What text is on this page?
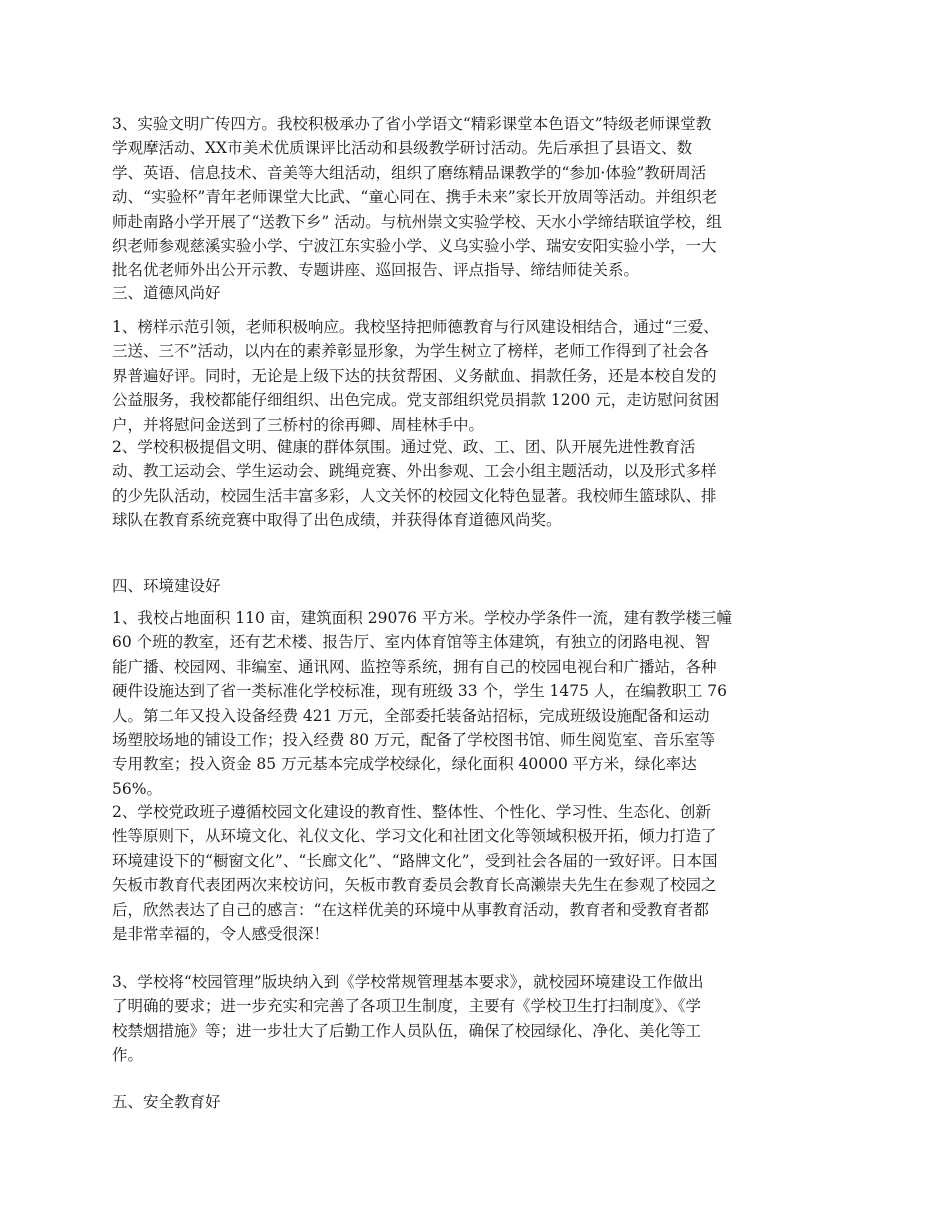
3、实验文明广传四方。我校积极承办了省小学语文“精彩课堂本色语文”特级老师课堂教
学观摩活动、XX市美术优质课评比活动和县级教学研讨活动。先后承担了县语文、数
学、英语、信息技术、音美等大组活动，组织了磨练精品课教学的“参加·体验”教研周活
动、“实验杯”青年老师课堂大比武、“童心同在、携手未来”家长开放周等活动。并组织老
师赴南路小学开展了“送教下乡” 活动。与杭州崇文实验学校、天水小学缔结联谊学校，组
织老师参观慈溪实验小学、宁波江东实验小学、义乌实验小学、瑞安安阳实验小学，一大
批名优老师外出公开示教、专题讲座、巡回报告、评点指导、缔结师徒关系。

三、道德风尚好

1、榜样示范引领，老师积极响应。我校坚持把师德教育与行风建设相结合，通过“三爱、
三送、三不”活动，以内在的素养彰显形象，为学生树立了榜样，老师工作得到了社会各
界普遍好评。同时，无论是上级下达的扶贫帮困、义务献血、捐款任务，还是本校自发的
公益服务，我校都能仔细组织、出色完成。党支部组织党员捐款 1200 元，走访慰问贫困
户，并将慰问金送到了三桥村的徐再卿、周桂林手中。

2、学校积极提倡文明、健康的群体氛围。通过党、政、工、团、队开展先进性教育活
动、教工运动会、学生运动会、跳绳竞赛、外出参观、工会小组主题活动，以及形式多样
的少先队活动，校园生活丰富多彩，人文关怀的校园文化特色显著。我校师生篮球队、排
球队在教育系统竞赛中取得了出色成绩，并获得体育道德风尚奖。

四、环境建设好

1、我校占地面积 110 亩，建筑面积 29076 平方米。学校办学条件一流，建有教学楼三幢
60 个班的教室，还有艺术楼、报告厅、室内体育馆等主体建筑，有独立的闭路电视、智
能广播、校园网、非编室、通讯网、监控等系统，拥有自己的校园电视台和广播站，各种
硬件设施达到了省一类标准化学校标准，现有班级 33 个，学生 1475 人，在编教职工 76
人。第二年又投入设备经费 421 万元，全部委托装备站招标，完成班级设施配备和运动
场塑胶场地的铺设工作；投入经费 80 万元，配备了学校图书馆、师生阅览室、音乐室等
专用教室；投入资金 85 万元基本完成学校绿化，绿化面积 40000 平方米，绿化率达
56%。

2、学校党政班子遵循校园文化建设的教育性、整体性、个性化、学习性、生态化、创新
性等原则下，从环境文化、礼仪文化、学习文化和社团文化等领域积极开拓，倾力打造了
环境建设下的“橱窗文化”、“长廊文化”、“路牌文化”，受到社会各届的一致好评。日本国
矢板市教育代表团两次来校访问，矢板市教育委员会教育长高濑崇夫先生在参观了校园之
后，欣然表达了自己的感言：“在这样优美的环境中从事教育活动，教育者和受教育者都
是非常幸福的，令人感受很深！

3、学校将“校园管理”版块纳入到《学校常规管理基本要求》，就校园环境建设工作做出
了明确的要求；进一步充实和完善了各项卫生制度，主要有《学校卫生打扫制度》、《学
校禁烟措施》等；进一步壮大了后勤工作人员队伍，确保了校园绿化、净化、美化等工
作。

五、安全教育好
